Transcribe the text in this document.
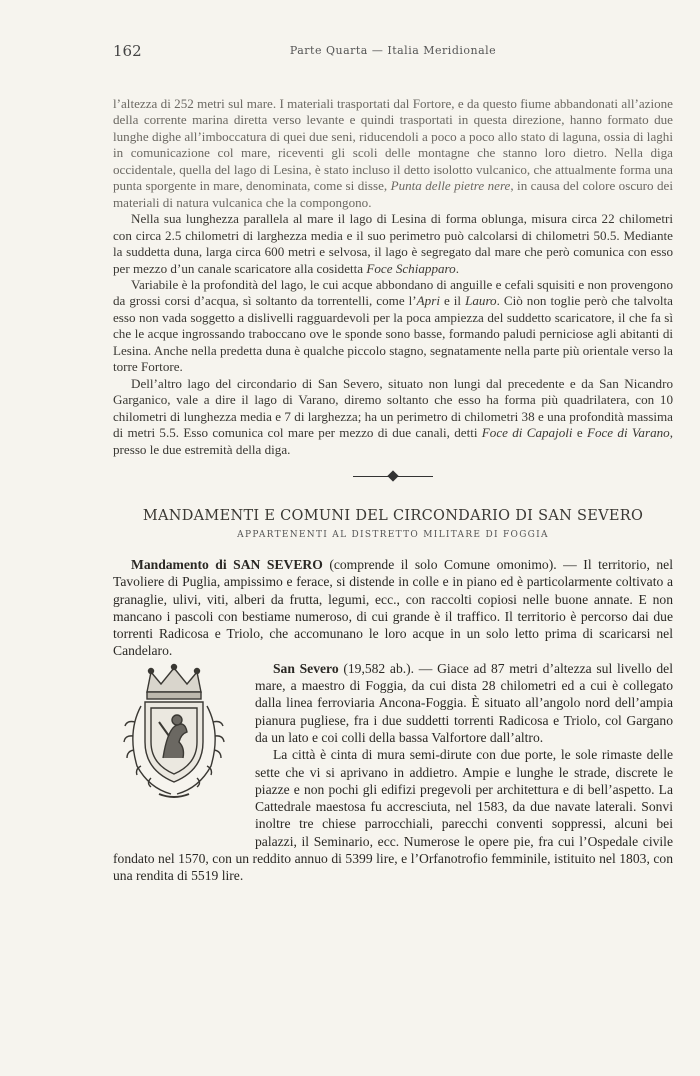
162	Parte Quarta — Italia Meridionale

l’altezza di 252 metri sul mare. I materiali trasportati dal Fortore, e da questo fiume abbandonati all’azione della corrente marina diretta verso levante e quindi trasportati in questa direzione, hanno formato due lunghe dighe all’imboccatura di quei due seni, riducendoli a poco a poco allo stato di laguna, ossia di laghi in comunicazione col mare, riceventi gli scoli delle montagne che stanno loro dietro. Nella diga occidentale, quella del lago di Lesina, è stato incluso il detto isolotto vulcanico, che attualmente forma una punta sporgente in mare, denominata, come si disse, Punta delle pietre nere, in causa del colore oscuro dei materiali di natura vulcanica che la compongono.

Nella sua lunghezza parallela al mare il lago di Lesina di forma oblunga, misura circa 22 chilometri con circa 2.5 chilometri di larghezza media e il suo perimetro può calcolarsi di chilometri 50.5. Mediante la suddetta duna, larga circa 600 metri e selvosa, il lago è segregato dal mare che però comunica con esso per mezzo d’un canale scaricatore alla cosidetta Foce Schiapparo.

Variabile è la profondità del lago, le cui acque abbondano di anguille e cefali squisiti e non provengono da grossi corsi d’acqua, sì soltanto da torrentelli, come l’Apri e il Lauro. Ciò non toglie però che talvolta esso non vada soggetto a dislivelli ragguardevoli per la poca ampiezza del suddetto scaricatore, il che fa sì che le acque ingrossando traboccano ove le sponde sono basse, formando paludi perniciose agli abitanti di Lesina. Anche nella predetta duna è qualche piccolo stagno, segnatamente nella parte più orientale verso la torre Fortore.

Dell’altro lago del circondario di San Severo, situato non lungi dal precedente e da San Nicandro Garganico, vale a dire il lago di Varano, diremo soltanto che esso ha forma più quadrilatera, con 10 chilometri di lunghezza media e 7 di larghezza; ha un perimetro di chilometri 38 e una profondità massima di metri 5.5. Esso comunica col mare per mezzo di due canali, detti Foce di Capajoli e Foce di Varano, presso le due estremità della diga.

MANDAMENTI E COMUNI DEL CIRCONDARIO DI SAN SEVERO
APPARTENENTI AL DISTRETTO MILITARE DI FOGGIA

Mandamento di SAN SEVERO (comprende il solo Comune omonimo). — Il territorio, nel Tavoliere di Puglia, ampissimo e ferace, si distende in colle e in piano ed è particolarmente coltivato a granaglie, ulivi, viti, alberi da frutta, legumi, ecc., con raccolti copiosi nelle buone annate. E non mancano i pascoli con bestiame numeroso, di cui grande è il traffico. Il territorio è percorso dai due torrenti Radicosa e Triolo, che accomunano le loro acque in un solo letto prima di scaricarsi nel Candelaro.

San Severo (19,582 ab.). — Giace ad 87 metri d’altezza sul livello del mare, a maestro di Foggia, da cui dista 28 chilometri ed a cui è collegato dalla linea ferroviaria Ancona-Foggia. È situato all’angolo nord dell’ampia pianura pugliese, fra i due suddetti torrenti Radicosa e Triolo, col Gargano da un lato e coi colli della bassa Valfortore dall’altro.

La città è cinta di mura semi-dirute con due porte, le sole rimaste delle sette che vi si aprivano in addietro. Ampie e lunghe le strade, discrete le piazze e non pochi gli edifizi pregevoli per architettura e di bell’aspetto. La Cattedrale maestosa fu accresciuta, nel 1583, da due navate laterali. Sonvi inoltre tre chiese parrocchiali, parecchi conventi soppressi, alcuni bei palazzi, il Seminario, ecc. Numerose le opere pie, fra cui l’Ospedale civile fondato nel 1570, con un reddito annuo di 5399 lire, e l’Orfanotrofio femminile, istituito nel 1803, con una rendita di 5519 lire.
